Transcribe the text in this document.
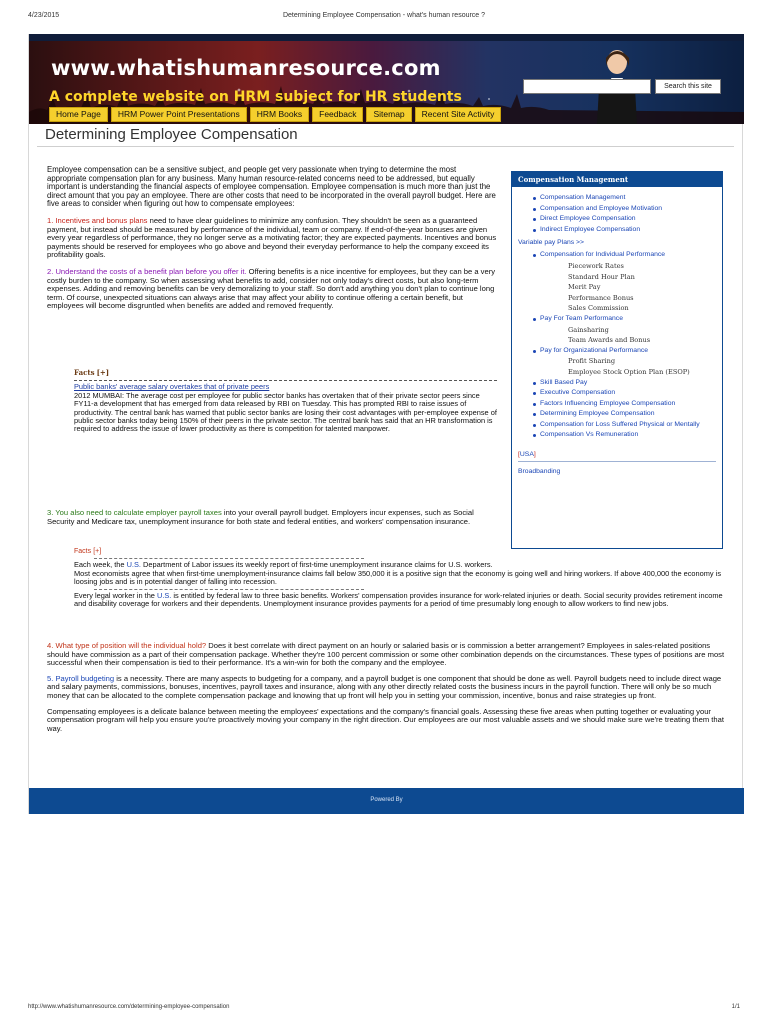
4/23/2015	Determining Employee Compensation - what's human resource ?
www.whatishumanresource.com
A complete website on HRM subject for HR students
Search this site
Home Page	HRM Power Point Presentations	HRM Books	Feedback	Sitemap	Recent Site Activity
Determining Employee Compensation

Employee compensation can be a sensitive subject, and people get very passionate when trying to determine the most appropriate compensation plan for any business. Many human resource-related concerns need to be addressed, but equally important is understanding the financial aspects of employee compensation. Employee compensation is much more than just the direct amount that you pay an employee. There are other costs that need to be incorporated in the overall payroll budget. Here are five areas to consider when figuring out how to compensate employees:

1. Incentives and bonus plans need to have clear guidelines to minimize any confusion. They shouldn't be seen as a guaranteed payment, but instead should be measured by performance of the individual, team or company. If end-of-the-year bonuses are given every year regardless of performance, they no longer serve as a motivating factor; they are expected payments. Incentives and bonus payments should be reserved for employees who go above and beyond their everyday performance to help the company exceed its profitability goals.

2. Understand the costs of a benefit plan before you offer it. Offering benefits is a nice incentive for employees, but they can be a very costly burden to the company. So when assessing what benefits to add, consider not only today's direct costs, but also long-term expenses. Adding and removing benefits can be very demoralizing to your staff. So don't add anything you don't plan to continue long term. Of course, unexpected situations can always arise that may affect your ability to continue offering a certain benefit, but employees will become disgruntled when benefits are added and removed frequently.

Facts [+]
Public banks' average salary overtakes that of private peers
2012 MUMBAI: The average cost per employee for public sector banks has overtaken that of their private sector peers since FY11-a development that has emerged from data released by RBI on Tuesday. This has prompted RBI to raise issues of productivity. The central bank has warned that public sector banks are losing their cost advantages with per-employee expense of public sector banks today being 150% of their peers in the private sector. The central bank has said that an HR transformation is required to address the issue of lower productivity as there is competition for talented manpower.
3. You also need to calculate employer payroll taxes into your overall payroll budget. Employers incur expenses, such as Social Security and Medicare tax, unemployment insurance for both state and federal entities, and workers' compensation insurance.
Facts [+]
Each week, the U.S. Department of Labor issues its weekly report of first-time unemployment insurance claims for U.S. workers.
Most economists agree that when first-time unemployment-insurance claims fall below 350,000 it is a positive sign that the economy is going well and hiring workers. If above 400,000 the economy is loosing jobs and is in potential danger of falling into recession.
Every legal worker in the U.S. is entitled by federal law to three basic benefits. Workers' compensation provides insurance for work-related injuries or death. Social security provides retirement income and disability coverage for workers and their dependents. Unemployment insurance provides payments for a period of time presumably long enough to allow workers to find new jobs.

4. What type of position will the individual hold? Does it best correlate with direct payment on an hourly or salaried basis or is commission a better arrangement? Employees in sales-related positions should have commission as a part of their compensation package. Whether they're 100 percent commission or some other combination depends on the circumstances. These types of positions are most successful when their compensation is tied to their performance. It's a win-win for both the company and the employee.

5. Payroll budgeting is a necessity. There are many aspects to budgeting for a company, and a payroll budget is one component that should be done as well. Payroll budgets need to include direct wage and salary payments, commissions, bonuses, incentives, payroll taxes and insurance, along with any other directly related costs the business incurs in the payroll function. There will only be so much money that can be allocated to the complete compensation package and knowing that up front will help you in setting your commission, incentive, bonus and raise strategies up front.

Compensating employees is a delicate balance between meeting the employees' expectations and the company's financial goals. Assessing these five areas when putting together or evaluating your compensation program will help you ensure you're proactively moving your company in the right direction. Our employees are our most valuable assets and we should make sure we're treating them that way.

Compensation Management
Compensation Management
Compensation and Employee Motivation
Direct Employee Compensation
Indirect Employee Compensation
Variable pay Plans >>
Compensation for Individual Performance
Piecework Rates
Standard Hour Plan
Merit Pay
Performance Bonus
Sales Commission
Pay For Team Performance
Gainsharing
Team Awards and Bonus
Pay for Organizational Performance
Profit Sharing
Employee Stock Option Plan (ESOP)
Skill Based Pay
Executive Compensation
Factors Influencing Employee Compensation
Determining Employee Compensation
Compensation for Loss Suffered Physical or Mentally
Compensation Vs Remuneration
[USA]
Broadbanding
Powered By
http://www.whatishumanresource.com/determining-employee-compensation	1/1
